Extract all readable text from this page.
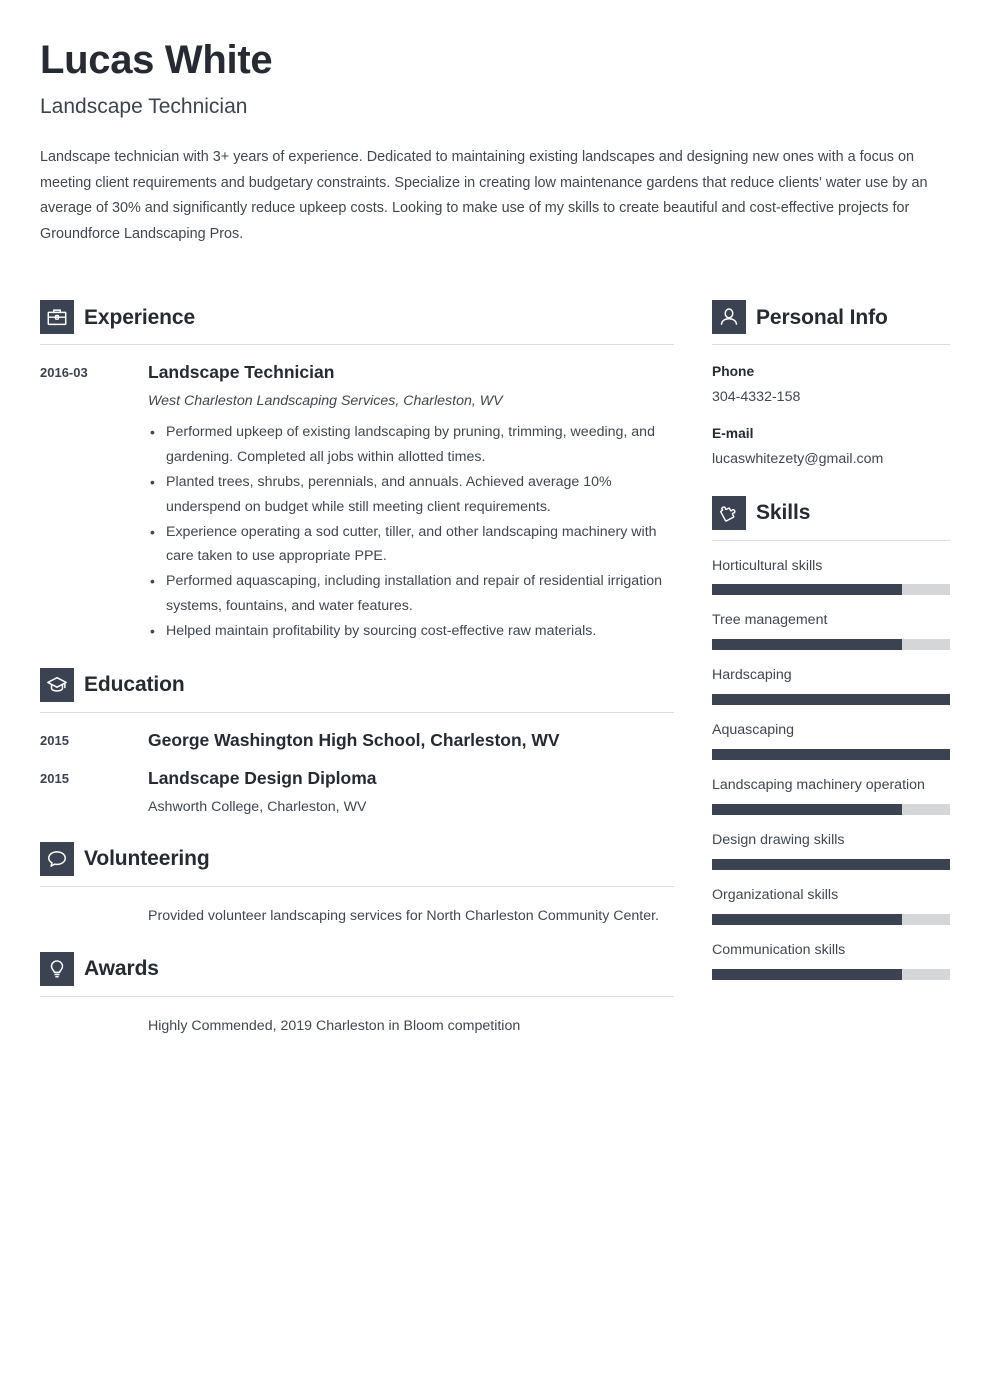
Lucas White
Landscape Technician

Landscape technician with 3+ years of experience. Dedicated to maintaining existing landscapes and designing new ones with a focus on meeting client requirements and budgetary constraints. Specialize in creating low maintenance gardens that reduce clients' water use by an average of 30% and significantly reduce upkeep costs. Looking to make use of my skills to create beautiful and cost-effective projects for Groundforce Landscaping Pros.

Experience
2016-03	Landscape Technician

West Charleston Landscaping Services, Charleston, WV

• Performed upkeep of existing landscaping by pruning, trimming, weeding, and gardening. Completed all jobs within allotted times.
• Planted trees, shrubs, perennials, and annuals. Achieved average 10% underspend on budget while still meeting client requirements.
• Experience operating a sod cutter, tiller, and other landscaping machinery with care taken to use appropriate PPE.
• Performed aquascaping, including installation and repair of residential irrigation systems, fountains, and water features.
• Helped maintain profitability by sourcing cost-effective raw materials.
Education
2015	George Washington High School, Charleston, WV

2015	Landscape Design Diploma

Ashworth College, Charleston, WV

Volunteering

Provided volunteer landscaping services for North Charleston Community Center.

Awards

Highly Commended, 2019 Charleston in Bloom competition

Personal Info

Phone

304-4332-158

E-mail

lucaswhitezety@gmail.com

Skills

Horticultural skills

Tree management

Hardscaping

Aquascaping

Landscaping machinery operation

Design drawing skills

Organizational skills

Communication skills
